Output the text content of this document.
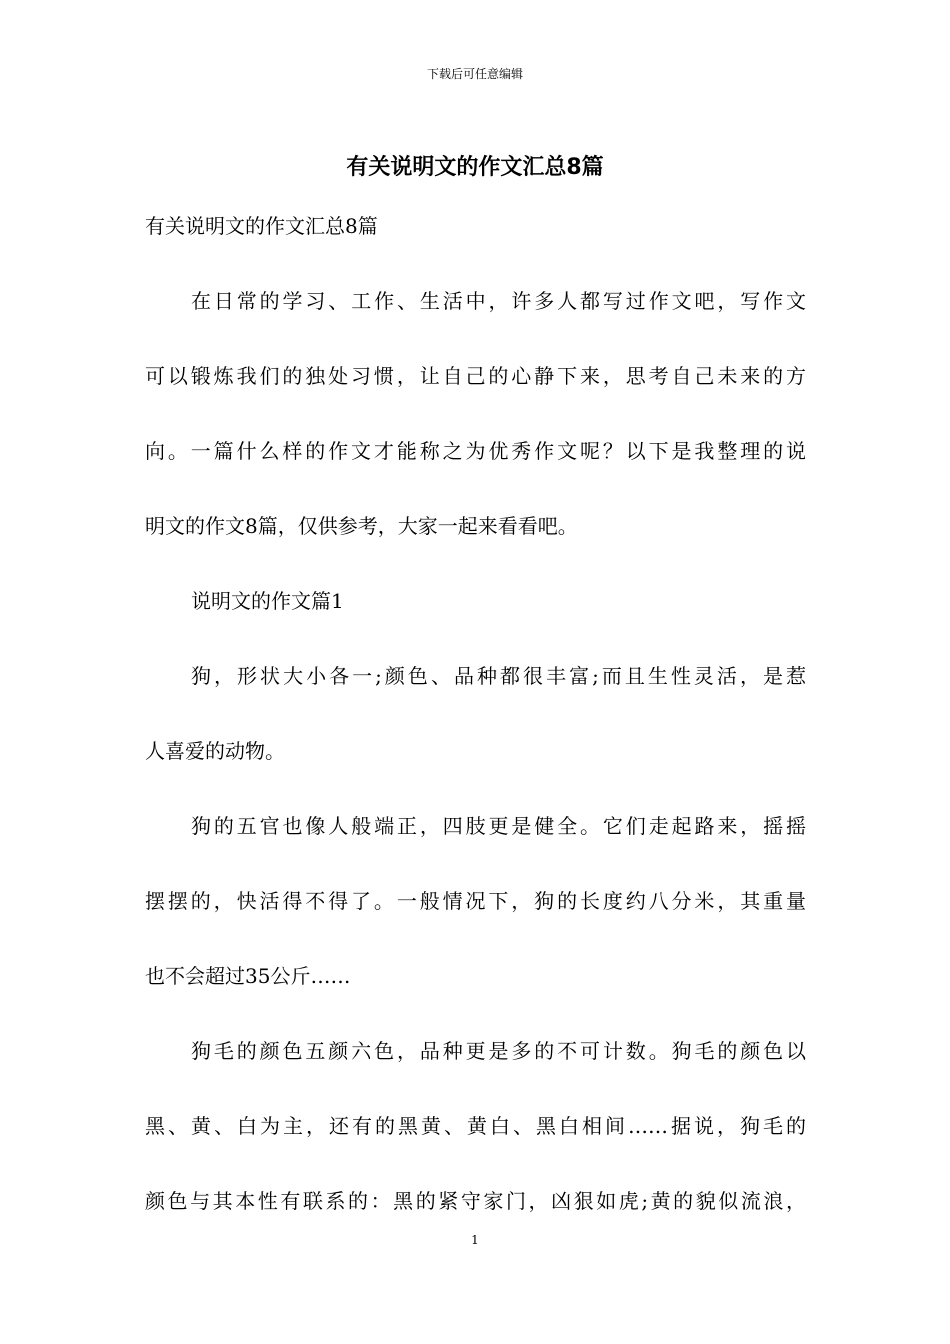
下载后可任意编辑
有关说明文的作文汇总8篇

有关说明文的作文汇总8篇

在日常的学习、工作、生活中，许多人都写过作文吧，写作文

可以锻炼我们的独处习惯，让自己的心静下来，思考自己未来的方

向。一篇什么样的作文才能称之为优秀作文呢？以下是我整理的说

明文的作文8篇，仅供参考，大家一起来看看吧。

说明文的作文篇1

狗，形状大小各一;颜色、品种都很丰富;而且生性灵活，是惹

人喜爱的动物。

狗的五官也像人般端正，四肢更是健全。它们走起路来，摇摇

摆摆的，快活得不得了。一般情况下，狗的长度约八分米，其重量

也不会超过35公斤……

狗毛的颜色五颜六色，品种更是多的不可计数。狗毛的颜色以

黑、黄、白为主，还有的黑黄、黄白、黑白相间……据说，狗毛的

颜色与其本性有联系的：黑的紧守家门，凶狠如虎;黄的貌似流浪，

1
